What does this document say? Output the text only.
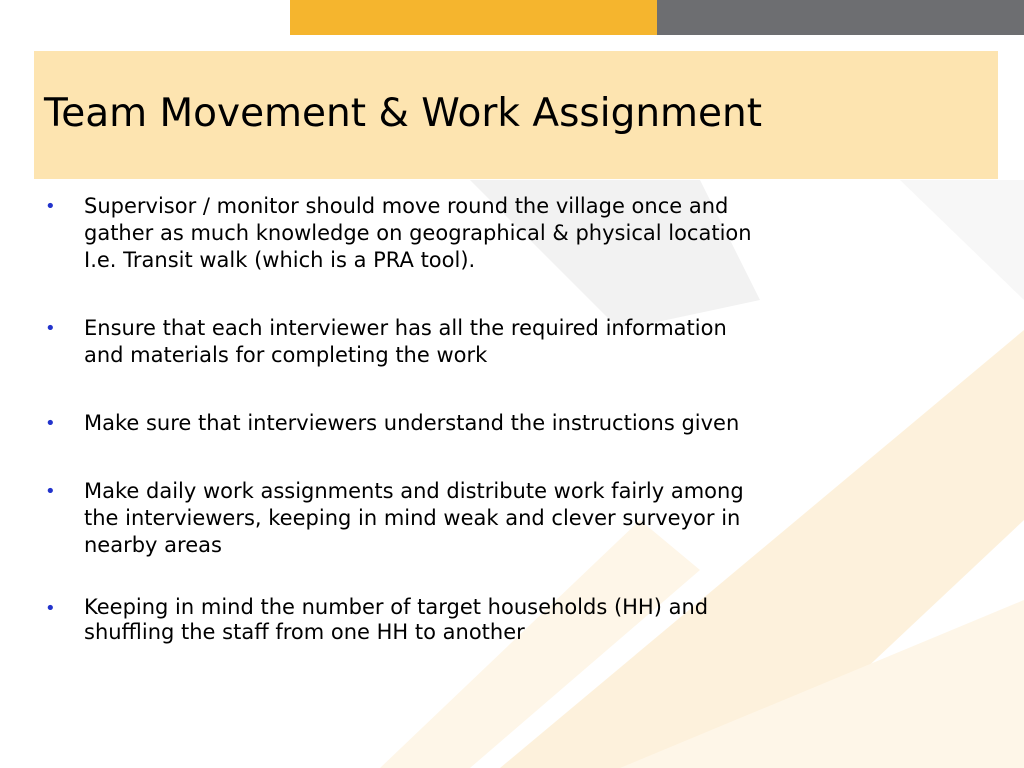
Team Movement & Work Assignment
• Supervisor / monitor should move round the village once and
gather as much knowledge on geographical & physical location
I.e. Transit walk (which is a PRA tool).
• Ensure that each interviewer has all the required information
and materials for completing the work
• Make sure that interviewers understand the instructions given
• Make daily work assignments and distribute work fairly among
the interviewers, keeping in mind weak and clever surveyor in
nearby areas
• Keeping in mind the number of target households (HH) and
shuffling the staff from one HH to another
